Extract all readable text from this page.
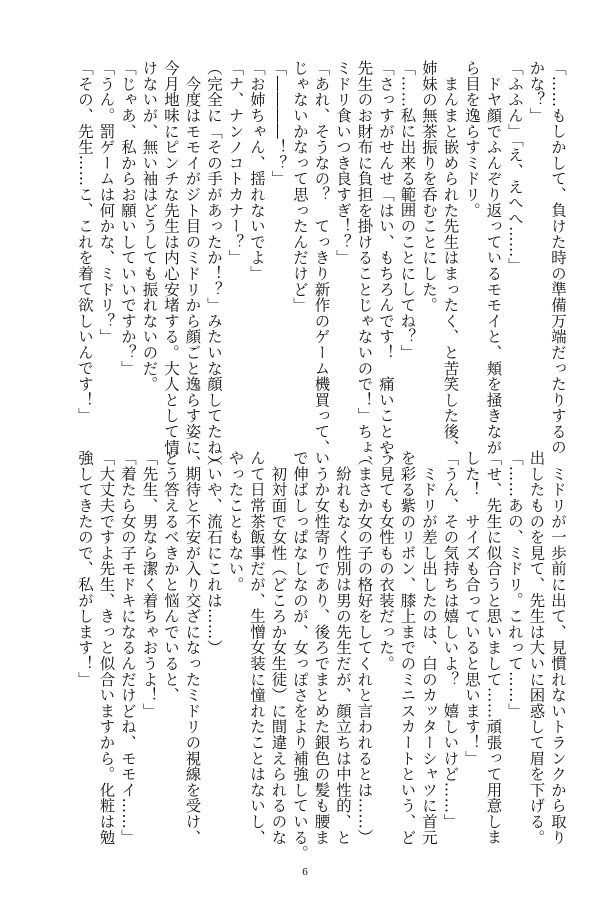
「……もしかして、負けた時の準備万端だったりするの
かな？」
「ふふん」「え、えへへ……」
　ドヤ顔でふんぞり返っているモモイと、頬を掻きなが
ら目を逸らすミドリ。
　まんまと嵌められた先生はまったく、と苦笑した後、
姉妹の無茶振りを呑むことにした。
「……私に出来る範囲のことにしてね？」
「さっすがせんせ「はい、もちろんです！　痛いことや、
先生のお財布に負担を掛けることじゃないので！」ちょ、
ミドリ食いつき良すぎ！？」
「あれ、そうなの？　てっきり新作のゲーム機買って、
じゃないかなって思ったんだけど」
「――――！？」
「お姉ちゃん、揺れないでよ」
「ナ、ナンノコトカナー？」
（完全に「その手があったか！？」みたいな顔してたね）
　今度はモモイがジト目のミドリから顔ごと逸らす姿に、
今月地味にピンチな先生は内心安堵する。大人として情
けないが、無い袖はどうしても振れないのだ。
「じゃあ、私からお願いしていいですか？」
「うん。罰ゲームは何かな、ミドリ？」
「その、先生……こ、これを着て欲しいんです！」
　ミドリが一歩前に出て、見慣れないトランクから取り
出したものを見て、先生は大いに困惑して眉を下げる。
「……あの、ミドリ。これって……」
「せ、先生に似合うと思いまして……頑張って用意しま
した！　サイズも合っていると思います！」
「うん、その気持ちは嬉しいよ？　嬉しいけど……」
　ミドリが差し出したのは、白のカッターシャツに首元
を彩る紫のリボン、膝上までのミニスカートという、ど
う見ても女性もの衣装だった。
（まさか女の子の格好をしてくれと言われるとは……）
　紛れもなく性別は男の先生だが、顔立ちは中性的、と
いうか女性寄りであり、後ろでまとめた銀色の髪も腰ま
で伸ばしっぱなしなのが、女っぽさをより補強している。
　初対面で女性（どころか女生徒）に間違えられるのな
んて日常茶飯事だが、生憎女装に憧れたことはないし、
やったこともない。
（いや、流石にこれは……）
　期待と不安が入り交ざになったミドリの視線を受け、
どう答えるべきかと悩んでいると、
「先生、男なら潔く着ちゃおうよ！」
「着たら女の子モドキになるんだけどね、モモイ……」
「大丈夫ですよ先生、きっと似合いますから。化粧は勉
強してきたので、私がします！」
6
